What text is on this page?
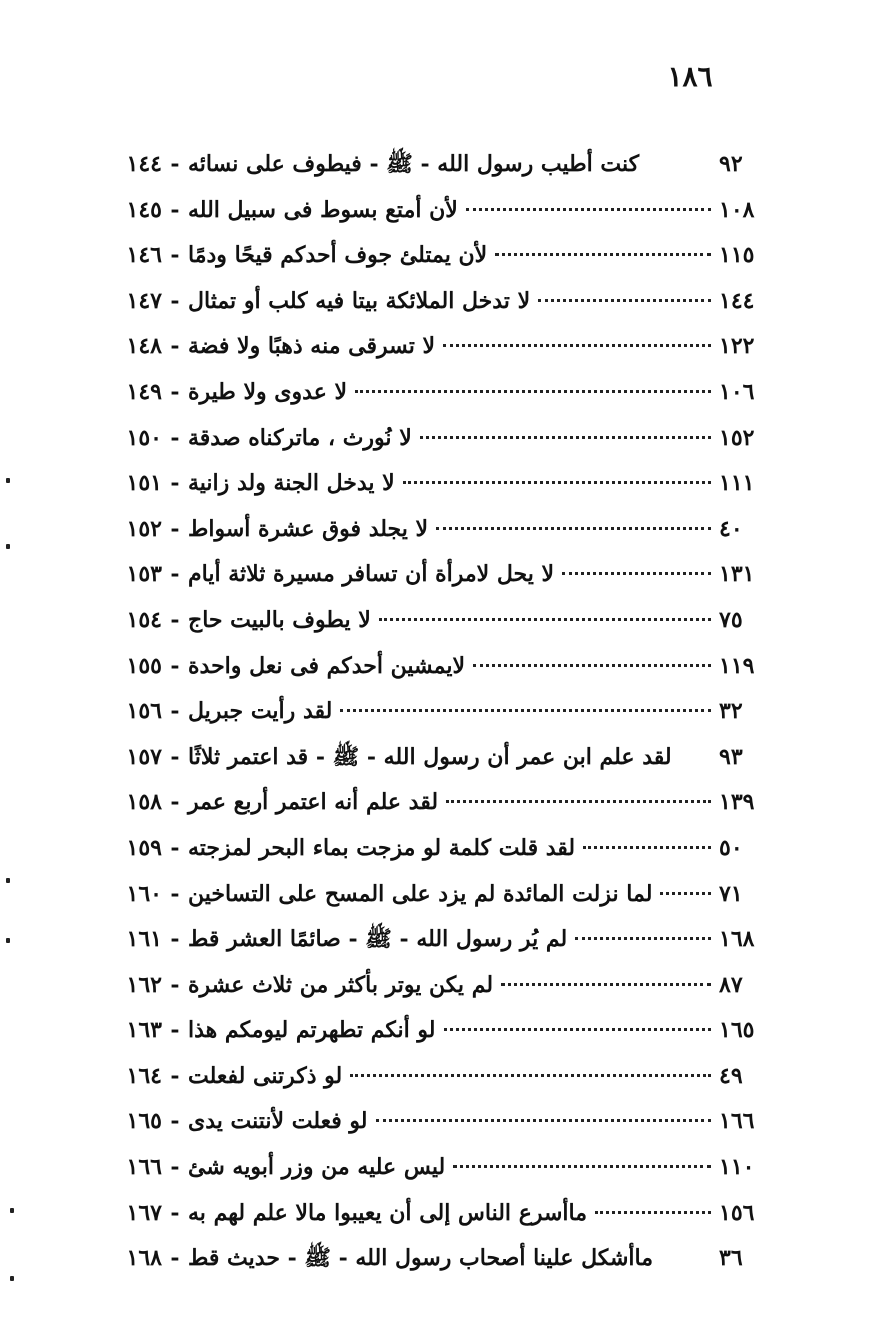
١٨٦
١٤٤ - كنت أطيب رسول الله - ﷺ - فيطوف على نسائه	٩٢
١٤٥ - لأن أمتع بسوط فى سبيل الله	١٠٨
١٤٦ - لأن يمتلئ جوف أحدكم قيحًا ودمًا	١١٥
١٤٧ - لا تدخل الملائكة بيتا فيه كلب أو تمثال	١٤٤
١٤٨ - لا تسرقى منه ذهبًا ولا فضة	١٢٢
١٤٩ - لا عدوى ولا طيرة	١٠٦
١٥٠ - لا نُورث ، ماتركناه صدقة	١٥٢
١٥١ - لا يدخل الجنة ولد زانية	١١١
١٥٢ - لا يجلد فوق عشرة أسواط	٤٠
١٥٣ - لا يحل لامرأة أن تسافر مسيرة ثلاثة أيام	١٣١
١٥٤ - لا يطوف بالبيت حاج	٧٥
١٥٥ - لايمشين أحدكم فى نعل واحدة	١١٩
١٥٦ - لقد رأيت جبريل	٣٢
١٥٧ - لقد علم ابن عمر أن رسول الله - ﷺ - قد اعتمر ثلاثًا ٩٣
١٥٨ - لقد علم أنه اعتمر أربع عمر	١٣٩
١٥٩ - لقد قلت كلمة لو مزجت بماء البحر لمزجته	٥٠
١٦٠ - لما نزلت المائدة لم يزد على المسح على التساخين	٧١
١٦١ - لم يُر رسول الله - ﷺ - صائمًا العشر قط	١٦٨
١٦٢ - لم يكن يوتر بأكثر من ثلاث عشرة	٨٧
١٦٣ - لو أنكم تطهرتم ليومكم هذا	١٦٥
١٦٤ - لو ذكرتنى لفعلت	٤٩
١٦٥ - لو فعلت لأنتنت يدى	١٦٦
١٦٦ - ليس عليه من وزر أبويه شئ	١١٠
١٦٧ - ماأسرع الناس إلى أن يعيبوا مالا علم لهم به	١٥٦
١٦٨ - ماأشكل علينا أصحاب رسول الله - ﷺ - حديث قط	٣٦
